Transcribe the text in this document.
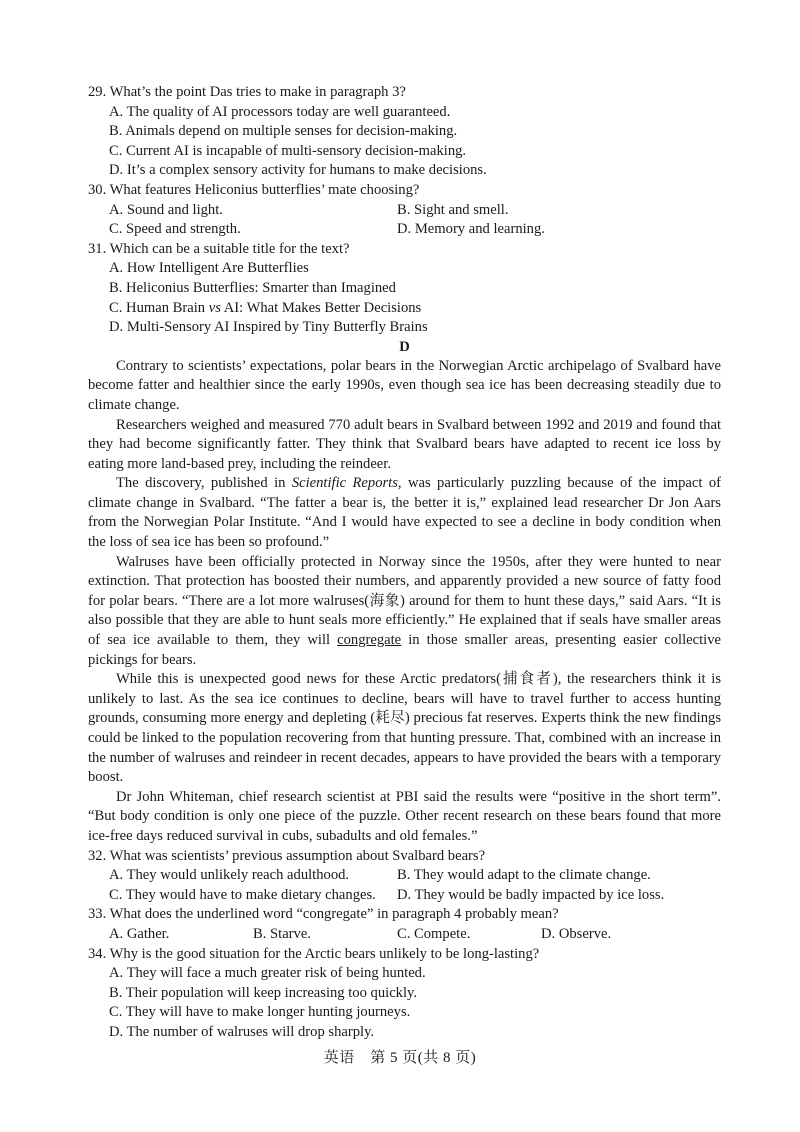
29. What’s the point Das tries to make in paragraph 3?
A. The quality of AI processors today are well guaranteed.
B. Animals depend on multiple senses for decision-making.
C. Current AI is incapable of multi-sensory decision-making.
D. It’s a complex sensory activity for humans to make decisions.
30. What features Heliconius butterflies’ mate choosing?
A. Sound and light.	B. Sight and smell.
C. Speed and strength.	D. Memory and learning.
31. Which can be a suitable title for the text?
A. How Intelligent Are Butterflies
B. Heliconius Butterflies: Smarter than Imagined
C. Human Brain vs AI: What Makes Better Decisions
D. Multi-Sensory AI Inspired by Tiny Butterfly Brains
D

Contrary to scientists’ expectations, polar bears in the Norwegian Arctic archipelago of Svalbard have become fatter and healthier since the early 1990s, even though sea ice has been decreasing steadily due to climate change.

Researchers weighed and measured 770 adult bears in Svalbard between 1992 and 2019 and found that they had become significantly fatter. They think that Svalbard bears have adapted to recent ice loss by eating more land-based prey, including the reindeer.

The discovery, published in Scientific Reports, was particularly puzzling because of the impact of climate change in Svalbard. “The fatter a bear is, the better it is,” explained lead researcher Dr Jon Aars from the Norwegian Polar Institute. “And I would have expected to see a decline in body condition when the loss of sea ice has been so profound.”

Walruses have been officially protected in Norway since the 1950s, after they were hunted to near extinction. That protection has boosted their numbers, and apparently provided a new source of fatty food for polar bears. “There are a lot more walruses(海象) around for them to hunt these days,” said Aars. “It is also possible that they are able to hunt seals more efficiently.” He explained that if seals have smaller areas of sea ice available to them, they will congregate in those smaller areas, presenting easier collective pickings for bears.

While this is unexpected good news for these Arctic predators(捕食者), the researchers think it is unlikely to last. As the sea ice continues to decline, bears will have to travel further to access hunting grounds, consuming more energy and depleting (耗尽) precious fat reserves. Experts think the new findings could be linked to the population recovering from that hunting pressure. That, combined with an increase in the number of walruses and reindeer in recent decades, appears to have provided the bears with a temporary boost.

Dr John Whiteman, chief research scientist at PBI said the results were “positive in the short term”. “But body condition is only one piece of the puzzle. Other recent research on these bears found that more ice-free days reduced survival in cubs, subadults and old females.”

32. What was scientists’ previous assumption about Svalbard bears?
A. They would unlikely reach adulthood.	B. They would adapt to the climate change.
C. They would have to make dietary changes.	D. They would be badly impacted by ice loss.
33. What does the underlined word “congregate” in paragraph 4 probably mean?
A. Gather.	B. Starve.	C. Compete.	D. Observe.
34. Why is the good situation for the Arctic bears unlikely to be long-lasting?
A. They will face a much greater risk of being hunted.
B. Their population will keep increasing too quickly.
C. They will have to make longer hunting journeys.
D. The number of walruses will drop sharply.
英语　第 5 页(共 8 页)
